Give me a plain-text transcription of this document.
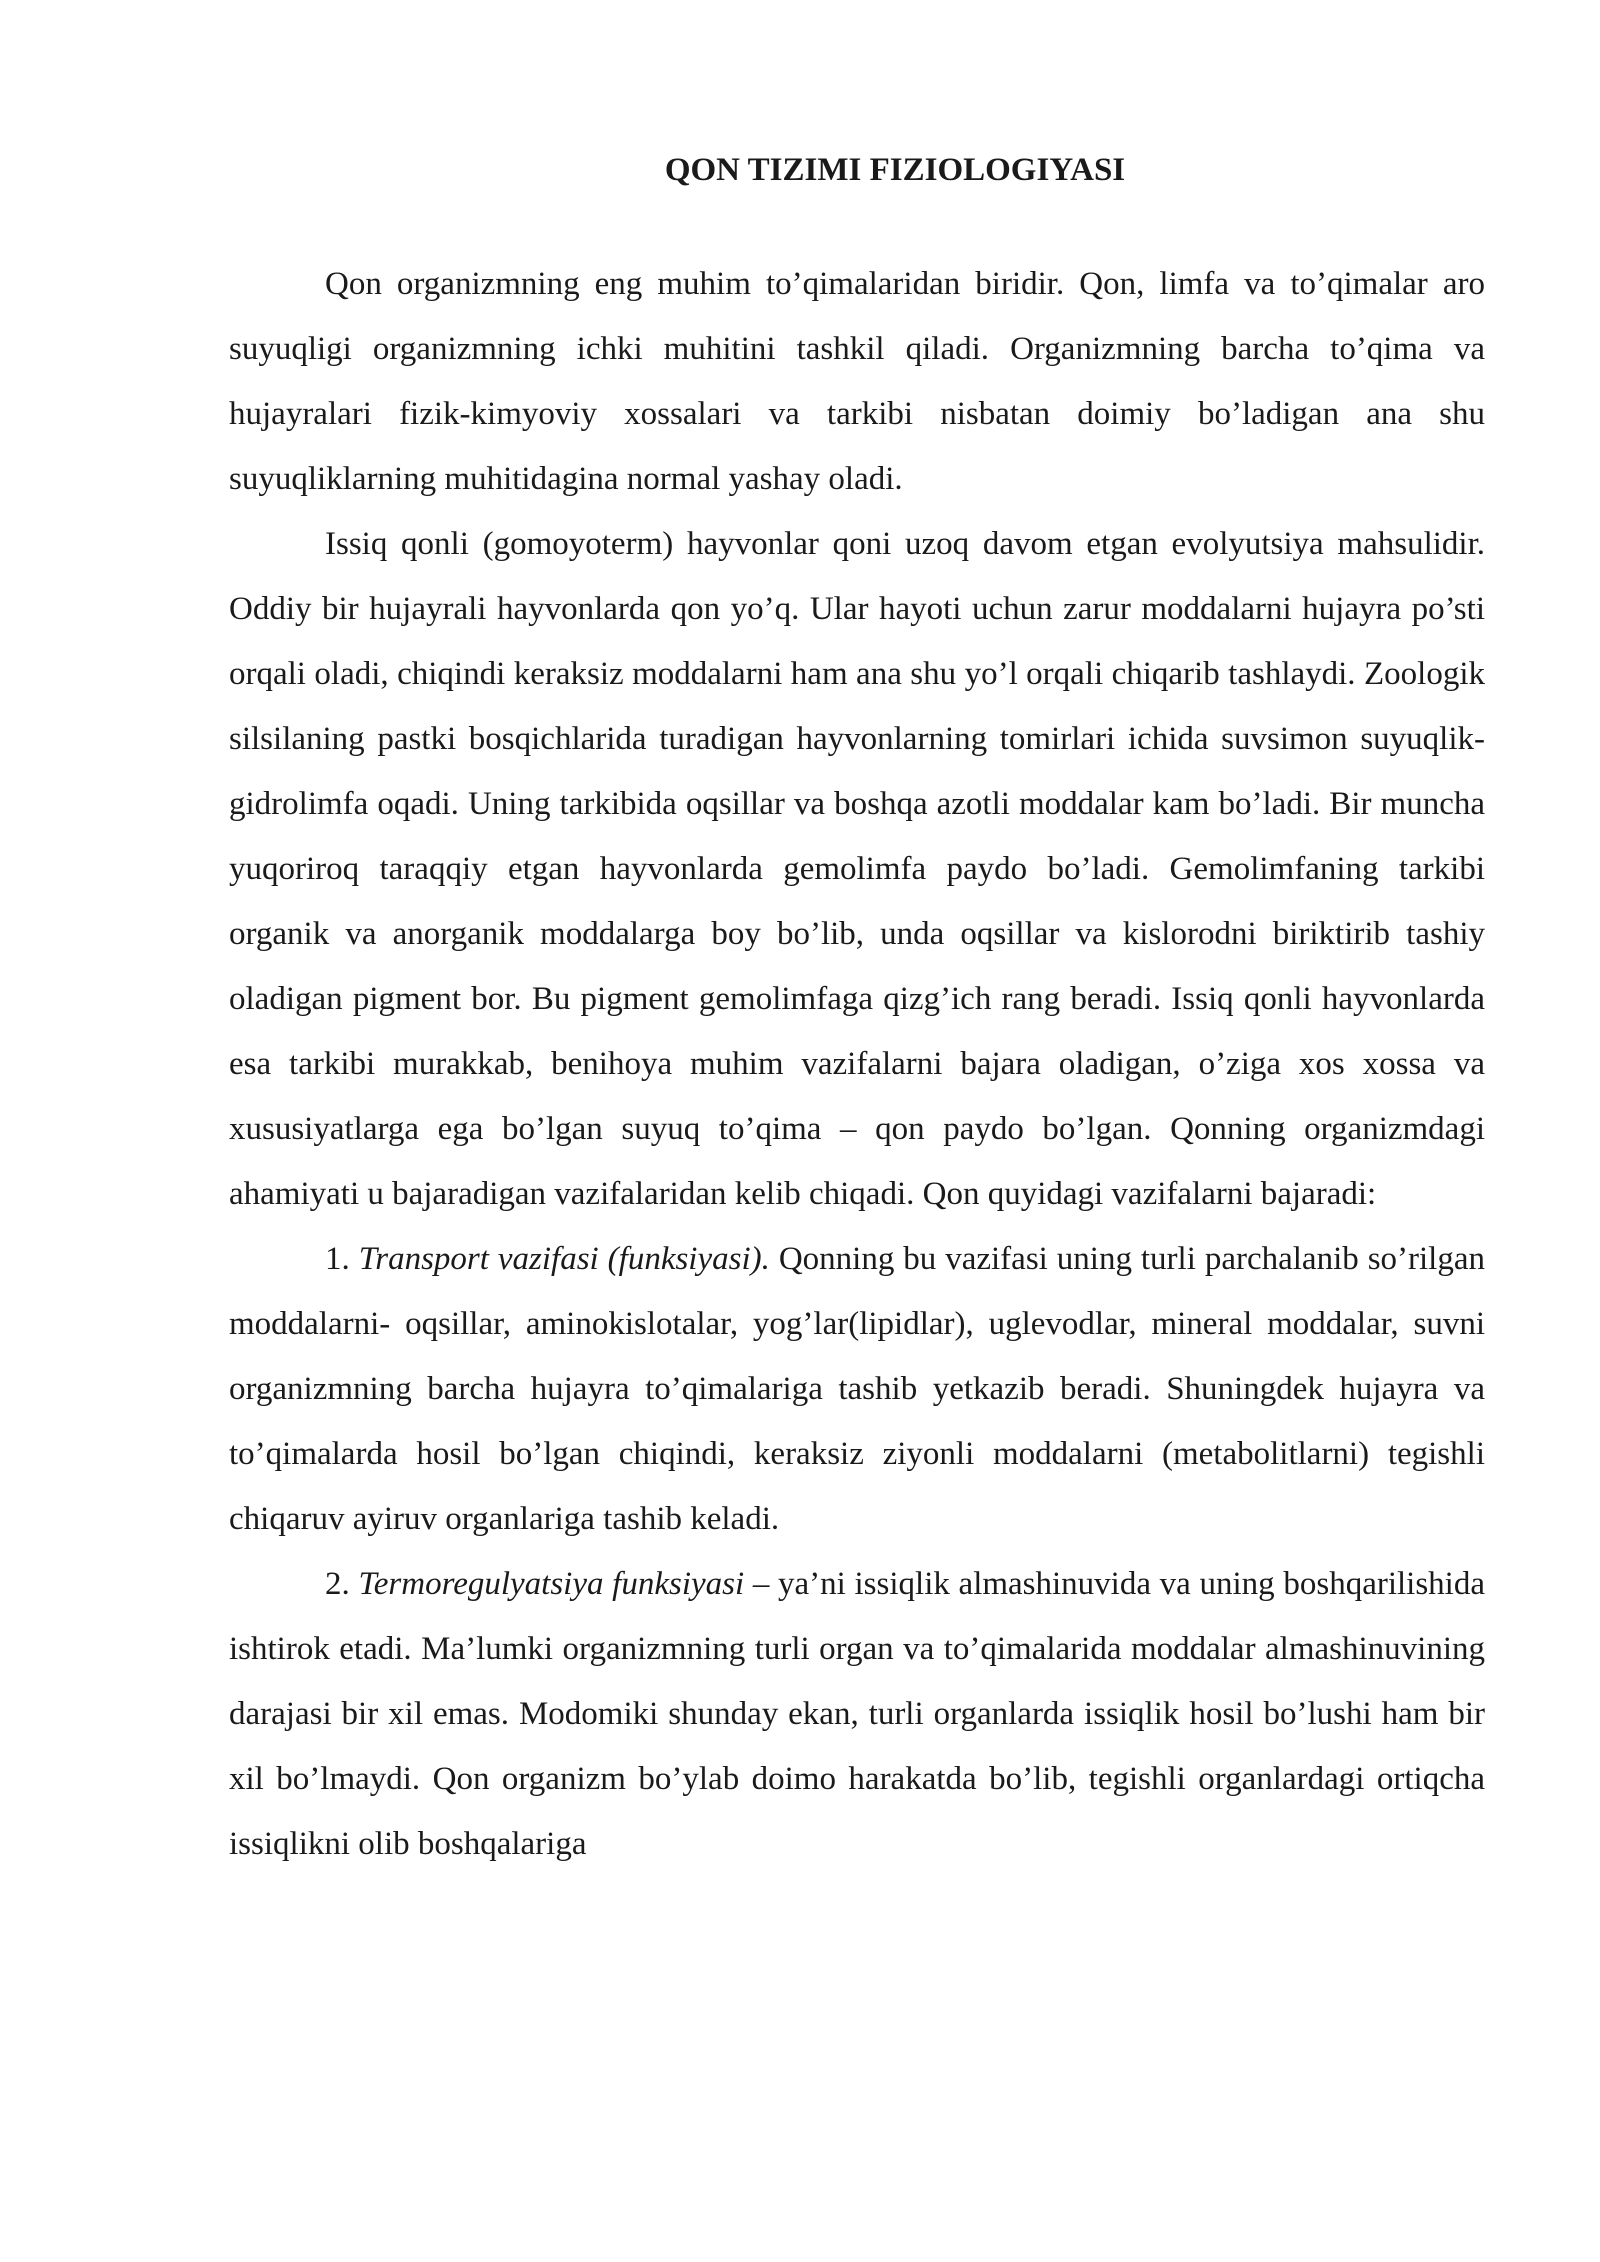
QON TIZIMI FIZIOLOGIYASI

Qon organizmning eng muhim to’qimalaridan biridir. Qon, limfa va to’qimalar aro suyuqligi organizmning ichki muhitini tashkil qiladi. Organizmning barcha to’qima va hujayralari fizik-kimyoviy xossalari va tarkibi nisbatan doimiy bo’ladigan ana shu suyuqliklarning muhitidagina normal yashay oladi.

Issiq qonli (gomoyoterm) hayvonlar qoni uzoq davom etgan evolyutsiya mahsulidir. Oddiy bir hujayrali hayvonlarda qon yo’q. Ular hayoti uchun zarur moddalarni hujayra po’sti orqali oladi, chiqindi keraksiz moddalarni ham ana shu yo’l orqali chiqarib tashlaydi. Zoologik silsilaning pastki bosqichlarida turadigan hayvonlarning tomirlari ichida suvsimon suyuqlik-gidrolimfa oqadi. Uning tarkibida oqsillar va boshqa azotli moddalar kam bo’ladi. Bir muncha yuqoriroq taraqqiy etgan hayvonlarda gemolimfa paydo bo’ladi. Gemolimfaning tarkibi organik va anorganik moddalarga boy bo’lib, unda oqsillar va kislorodni biriktirib tashiy oladigan pigment bor. Bu pigment gemolimfaga qizg’ich rang beradi. Issiq qonli hayvonlarda esa tarkibi murakkab, benihoya muhim vazifalarni bajara oladigan, o’ziga xos xossa va xususiyatlarga ega bo’lgan suyuq to’qima – qon paydo bo’lgan. Qonning organizmdagi ahamiyati u bajaradigan vazifalaridan kelib chiqadi. Qon quyidagi vazifalarni bajaradi:

1. Transport vazifasi (funksiyasi). Qonning bu vazifasi uning turli parchalanib so’rilgan moddalarni- oqsillar, aminokislotalar, yog’lar(lipidlar), uglevodlar, mineral moddalar, suvni organizmning barcha hujayra to’qimalariga tashib yetkazib beradi. Shuningdek hujayra va to’qimalarda hosil bo’lgan chiqindi, keraksiz ziyonli moddalarni (metabolitlarni) tegishli chiqaruv ayiruv organlariga tashib keladi.

2. Termoregulyatsiya funksiyasi – ya’ni issiqlik almashinuvida va uning boshqarilishida ishtirok etadi. Ma’lumki organizmning turli organ va to’qimalarida moddalar almashinuvining darajasi bir xil emas. Modomiki shunday ekan, turli organlarda issiqlik hosil bo’lushi ham bir xil bo’lmaydi. Qon organizm bo’ylab doimo harakatda bo’lib, tegishli organlardagi ortiqcha issiqlikni olib boshqalariga
